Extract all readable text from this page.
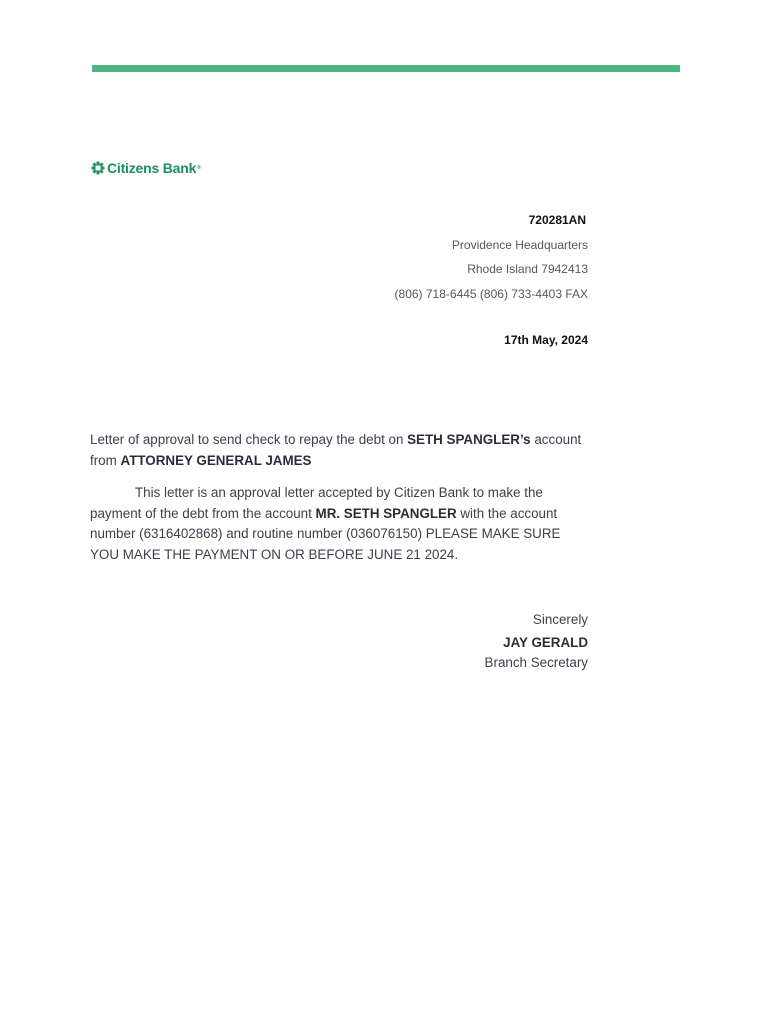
Citizens Bank ®
720281AN
Providence Headquarters
Rhode Island 7942413
(806) 718-6445 (806) 733-4403 FAX
17th May, 2024

Letter of approval to send check to repay the debt on SETH SPANGLER’s account from ATTORNEY GENERAL JAMES

This letter is an approval letter accepted by Citizen Bank to make the payment of the debt from the account MR. SETH SPANGLER with the account number (6316402868) and routine number (036076150) PLEASE MAKE SURE YOU MAKE THE PAYMENT ON OR BEFORE JUNE 21 2024.

Sincerely
JAY GERALD
Branch Secretary
